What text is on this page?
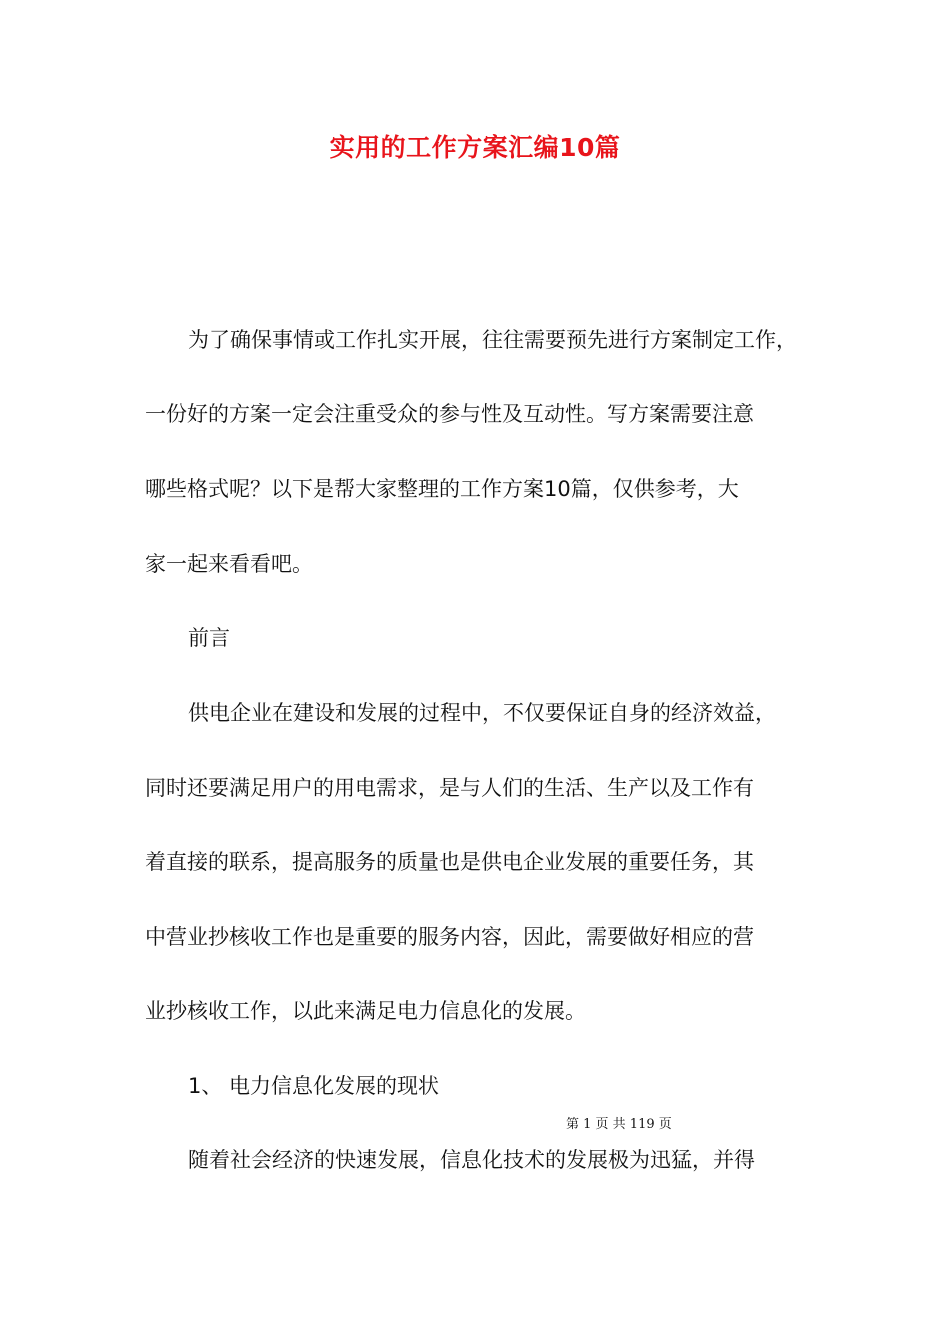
实用的工作方案汇编10篇
为了确保事情或工作扎实开展，往往需要预先进行方案制定工作，
一份好的方案一定会注重受众的参与性及互动性。写方案需要注意
哪些格式呢？以下是帮大家整理的工作方案10篇，仅供参考，大
家一起来看看吧。
前言
供电企业在建设和发展的过程中，不仅要保证自身的经济效益，
同时还要满足用户的用电需求，是与人们的生活、生产以及工作有
着直接的联系，提高服务的质量也是供电企业发展的重要任务，其
中营业抄核收工作也是重要的服务内容，因此，需要做好相应的营
业抄核收工作，以此来满足电力信息化的发展。
1、 电力信息化发展的现状
第 1 页 共 119 页
随着社会经济的快速发展，信息化技术的发展极为迅猛，并得
